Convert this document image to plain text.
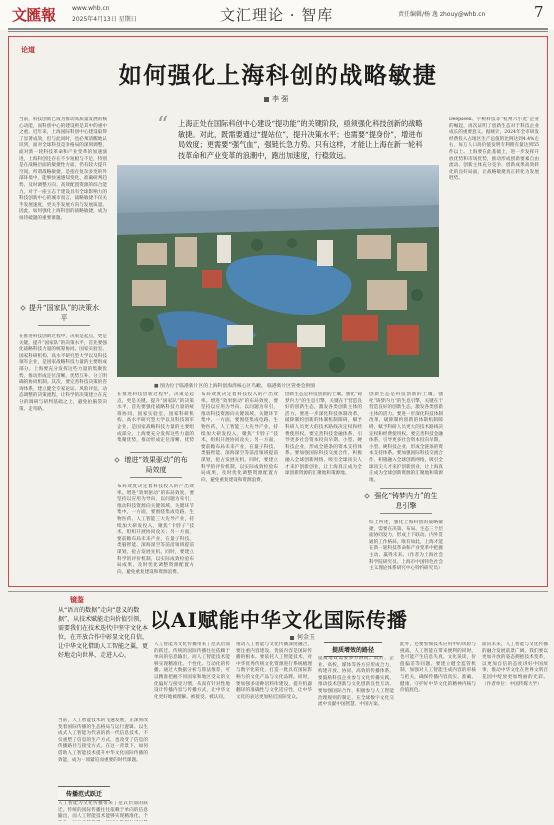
文匯報	www.whb.cn
2025年4月13日 星期日	文汇理论 · 智库	责任编辑/杨 逸 zhouy@whb.cn	7
论道
如何强化上海科创的战略敏捷
李 强
“ 上海正处在国际科创中心建设“提功能”的关键阶段，亟须强化科技创新的战略敏捷。对此，既需要通过“提站位”，提升决策水平；也需要“提身份”，增进布局效度；更需要“强气血”，强链长急力势。只有这样，才能让上海在新一轮科技革命和产业变革的浪潮中，跑出加速度，行稳致远。
当前，科技创新已成为推动高质量发展的核心动能，而科创中心的建设则是其中的重中之重。近年来，上海国际科创中心建设取得了显著成效，但与此同时，也必须清醒地认识到，面对全球科技竞争格局的深刻调整，面对新一轮科技革命和产业变革的加速演进，上海科创还存在不少短板与不足，特别是在战略层面的敏捷性方面，仍有较大提升空间。所谓战略敏捷，是指在复杂多变的外部环境中，能够快速感知变化、准确研判趋势、及时调整方向、高效配置资源的综合能力。对于一座立志于建设具有全球影响力的科技创新中心的城市而言，战略敏捷不仅关乎发展速度，更关乎发展方向与发展质量。因此，如何强化上海科创的战略敏捷，成为亟待破题的重要课题。
提升“国家队”的决策水平
在推进科技创新过程中，决策是起点，更是关键。提升“国家队”的决策水平，首先要强化战略科技力量的统筹协同。国家实验室、国家科研机构、高水平研究型大学以及科技领军企业，是国家战略科技力量的主要组成部分。上海要充分发挥这些力量的集聚优势，推动形成定位清晰、优势互补、分工明确的协同机制。其次，要完善科技决策的咨询体系，建立健全专家论证、风险评估、动态调整的决策流程，让科学的决策建立在充分的调研与研判基础之上，避免拍脑袋决策、走弯路。
Deepseek、宇树科技等“杭州六小龙”企业的崛起，再次证明了创新生态对于科技企业成长的重要意义。据统计，2024年全市研发经费投入占地区生产总值的比例达到4.4%左右，每万人口高价值发明专利拥有量达到55件以上。上海要在此基础上，进一步发挥开放优势和市场优势，推动形成创新要素自由流动、创新主体充分竞争、创新成果高效转化的良好局面，让战略敏捷真正转化为发展胜势。
■ 图为位于临港新片区的上海科创海湾核心区鸟瞰。 临港新片区管委会供图
在推进科技创新过程中，决策是起点，更是关键。提升“国家队”的决策水平，首先要强化战略科技力量的统筹协同。国家实验室、国家科研机构、高水平研究型大学以及科技领军企业，是国家战略科技力量的主要组成部分。上海要充分发挥这些力量的集聚优势，推动形成定位清晰、优势
增进“效果驱动”的布局效度
布局效度决定着科技投入的产出效率。增进“效果驱动”的布局效度，要坚持以应用为导向、以问题为牵引，推动科技资源向关键领域、关键环节集中。一方面，要围绕集成电路、生物医药、人工智能三大先导产业，持续加大研发投入，聚焦“卡脖子”技术，组织开展协同攻关；另一方面，要前瞻布局未来产业，在量子科技、类脑智能、深海深空等前沿领域提前谋划，抢占发展先机。同时，要建立科学的评价机制，以实际成效检验布局成果，及时优化调整资源配置方向，避免重复建设和资源浪费。
布局效度决定着科技投入的产出效率。增进“效果驱动”的布局效度，要坚持以应用为导向、以问题为牵引，推动科技资源向关键领域、关键环节集中。一方面，要围绕集成电路、生物医药、人工智能三大先导产业，持续加大研发投入，聚焦“卡脖子”技术，组织开展协同攻关；另一方面，要前瞻布局未来产业，在量子科技、类脑智能、深海深空等前沿领域提前谋划，抢占发展先机。同时，要建立科学的评价机制，以实际成效检验布局成果，及时优化调整资源配置方向，避免重复建设和资源浪费。
创新生态是科技创新的土壤。强化“铸梦内力”的生息引擎，关键在于营造良好的创新生态，激发各类创新主体的活力。要进一步深化科技体制改革，破除制约创新的体制机制障碍，赋予科研人员更大的技术路线决定权和经费使用权。要完善科技金融体系，引导更多社会资本投向早期、小型、硬科技企业，形成全链条的资本支持体系。要加强国际科技交流合作，积极融入全球创新网络，吸引全球顶尖人才来沪创新创业，让上海真正成为全球创新资源的汇聚地和策源地。
创新生态是科技创新的土壤。强化“铸梦内力”的生息引擎，关键在于营造良好的创新生态，激发各类创新主体的活力。要进一步深化科技体制改革，破除制约创新的体制机制障碍，赋予科研人员更大的技术路线决定权和经费使用权。要完善科技金融体系，引导更多社会资本投向早期、小型、硬科技企业，形成全链条的资本支持体系。要加强国际科技交流合作，积极融入全球创新网络，吸引全球顶尖人才来沪创新创业，让上海真正成为全球创新资源的汇聚地和策源地。
强化“铸梦内力”的生息引擎
综上所述，强化上海科创的战略敏捷，需要在决策、布局、生态三个层面协同发力，形成上下联动、内外贯通的工作格局。唯有如此，上海才能在新一轮科技革命和产业变革中把握主动、赢得未来。（作者为上海社会科学院研究员、上海市中国特色社会主义理论体系研究中心特约研究员）
镜鉴
以AI赋能中华文化国际传播
何金玉
从“语言的数据”走向“意义的数据”，从技术赋能走向价值引领，需要我们在技术迭代中坚守文化本位，在开放合作中彰显文化自信，让中华文化借助人工智能之翼，更好地走向世界、走进人心。
当前，人工智能技术的飞速发展，正深刻改变着国际传播的生态格局与运行逻辑。以生成式人工智能为代表的新一代信息技术，不仅重塑了信息的生产方式，也改变了信息的传播路径与接受方式。在这一背景下，如何借助人工智能技术提升中华文化国际传播的效能，成为一项紧迫而重要的时代课题。
传播范式跃迁
人工智能为文化传播带来了范式层面的跃迁。传统的国际传播往往依赖于单向的信息输出，而人工智能技术能够实现精准化、个
人工智能为文化传播带来了范式层面的跃迁。传统的国际传播往往依赖于单向的信息输出，而人工智能技术能够实现精准化、个性化、互动化的传播。通过大数据分析与算法推荐，可以精准把握不同国家和地区受众的文化偏好与接受习惯，从而有针对性地设计传播内容与传播方式，让中华文化更好地被理解、被接受、被认同。
推动人工智能与文化传播深度融合，要注重内容建设。优质内容是国际传播的根本。要依托人工智能技术，对中华优秀传统文化资源进行系统梳理与数字化转化，打造一批具有国际影响力的文化产品与文化品牌。同时，要加强多语种语料库建设，提升机器翻译的准确性与文化适应性，让中华文化的表达更加贴近国际受众。
提质增效的路径
提质增效需要多方协同。政府、企业、高校、媒体等各方应形成合力，构建开放、协同、高效的传播体系。要鼓励科技企业参与文化传播实践，推动技术创新与文化创新良性互动。要加强国际合作，积极参与人工智能治理规则的制定，在全球数字文化交流中贡献中国智慧、中国方案。
此外，还要警惕技术应用中的风险与挑战。人工智能在带来便利的同时，也可能产生信息失真、文化误读、价值偏差等问题。要建立健全监管机制，加强对人工智能生成内容的审核与把关，确保传播内容真实、准确、健康，守护好中华文化的精神内核与价值底色。
面向未来，人工智能与文化传播的融合发展前景广阔。我们要以更加开放的姿态拥抱技术变革，以更加自信的态度讲好中国故事，推动中华文化在世界文明百花园中绽放更加绚丽的光彩。（作者单位：中国传媒大学）
